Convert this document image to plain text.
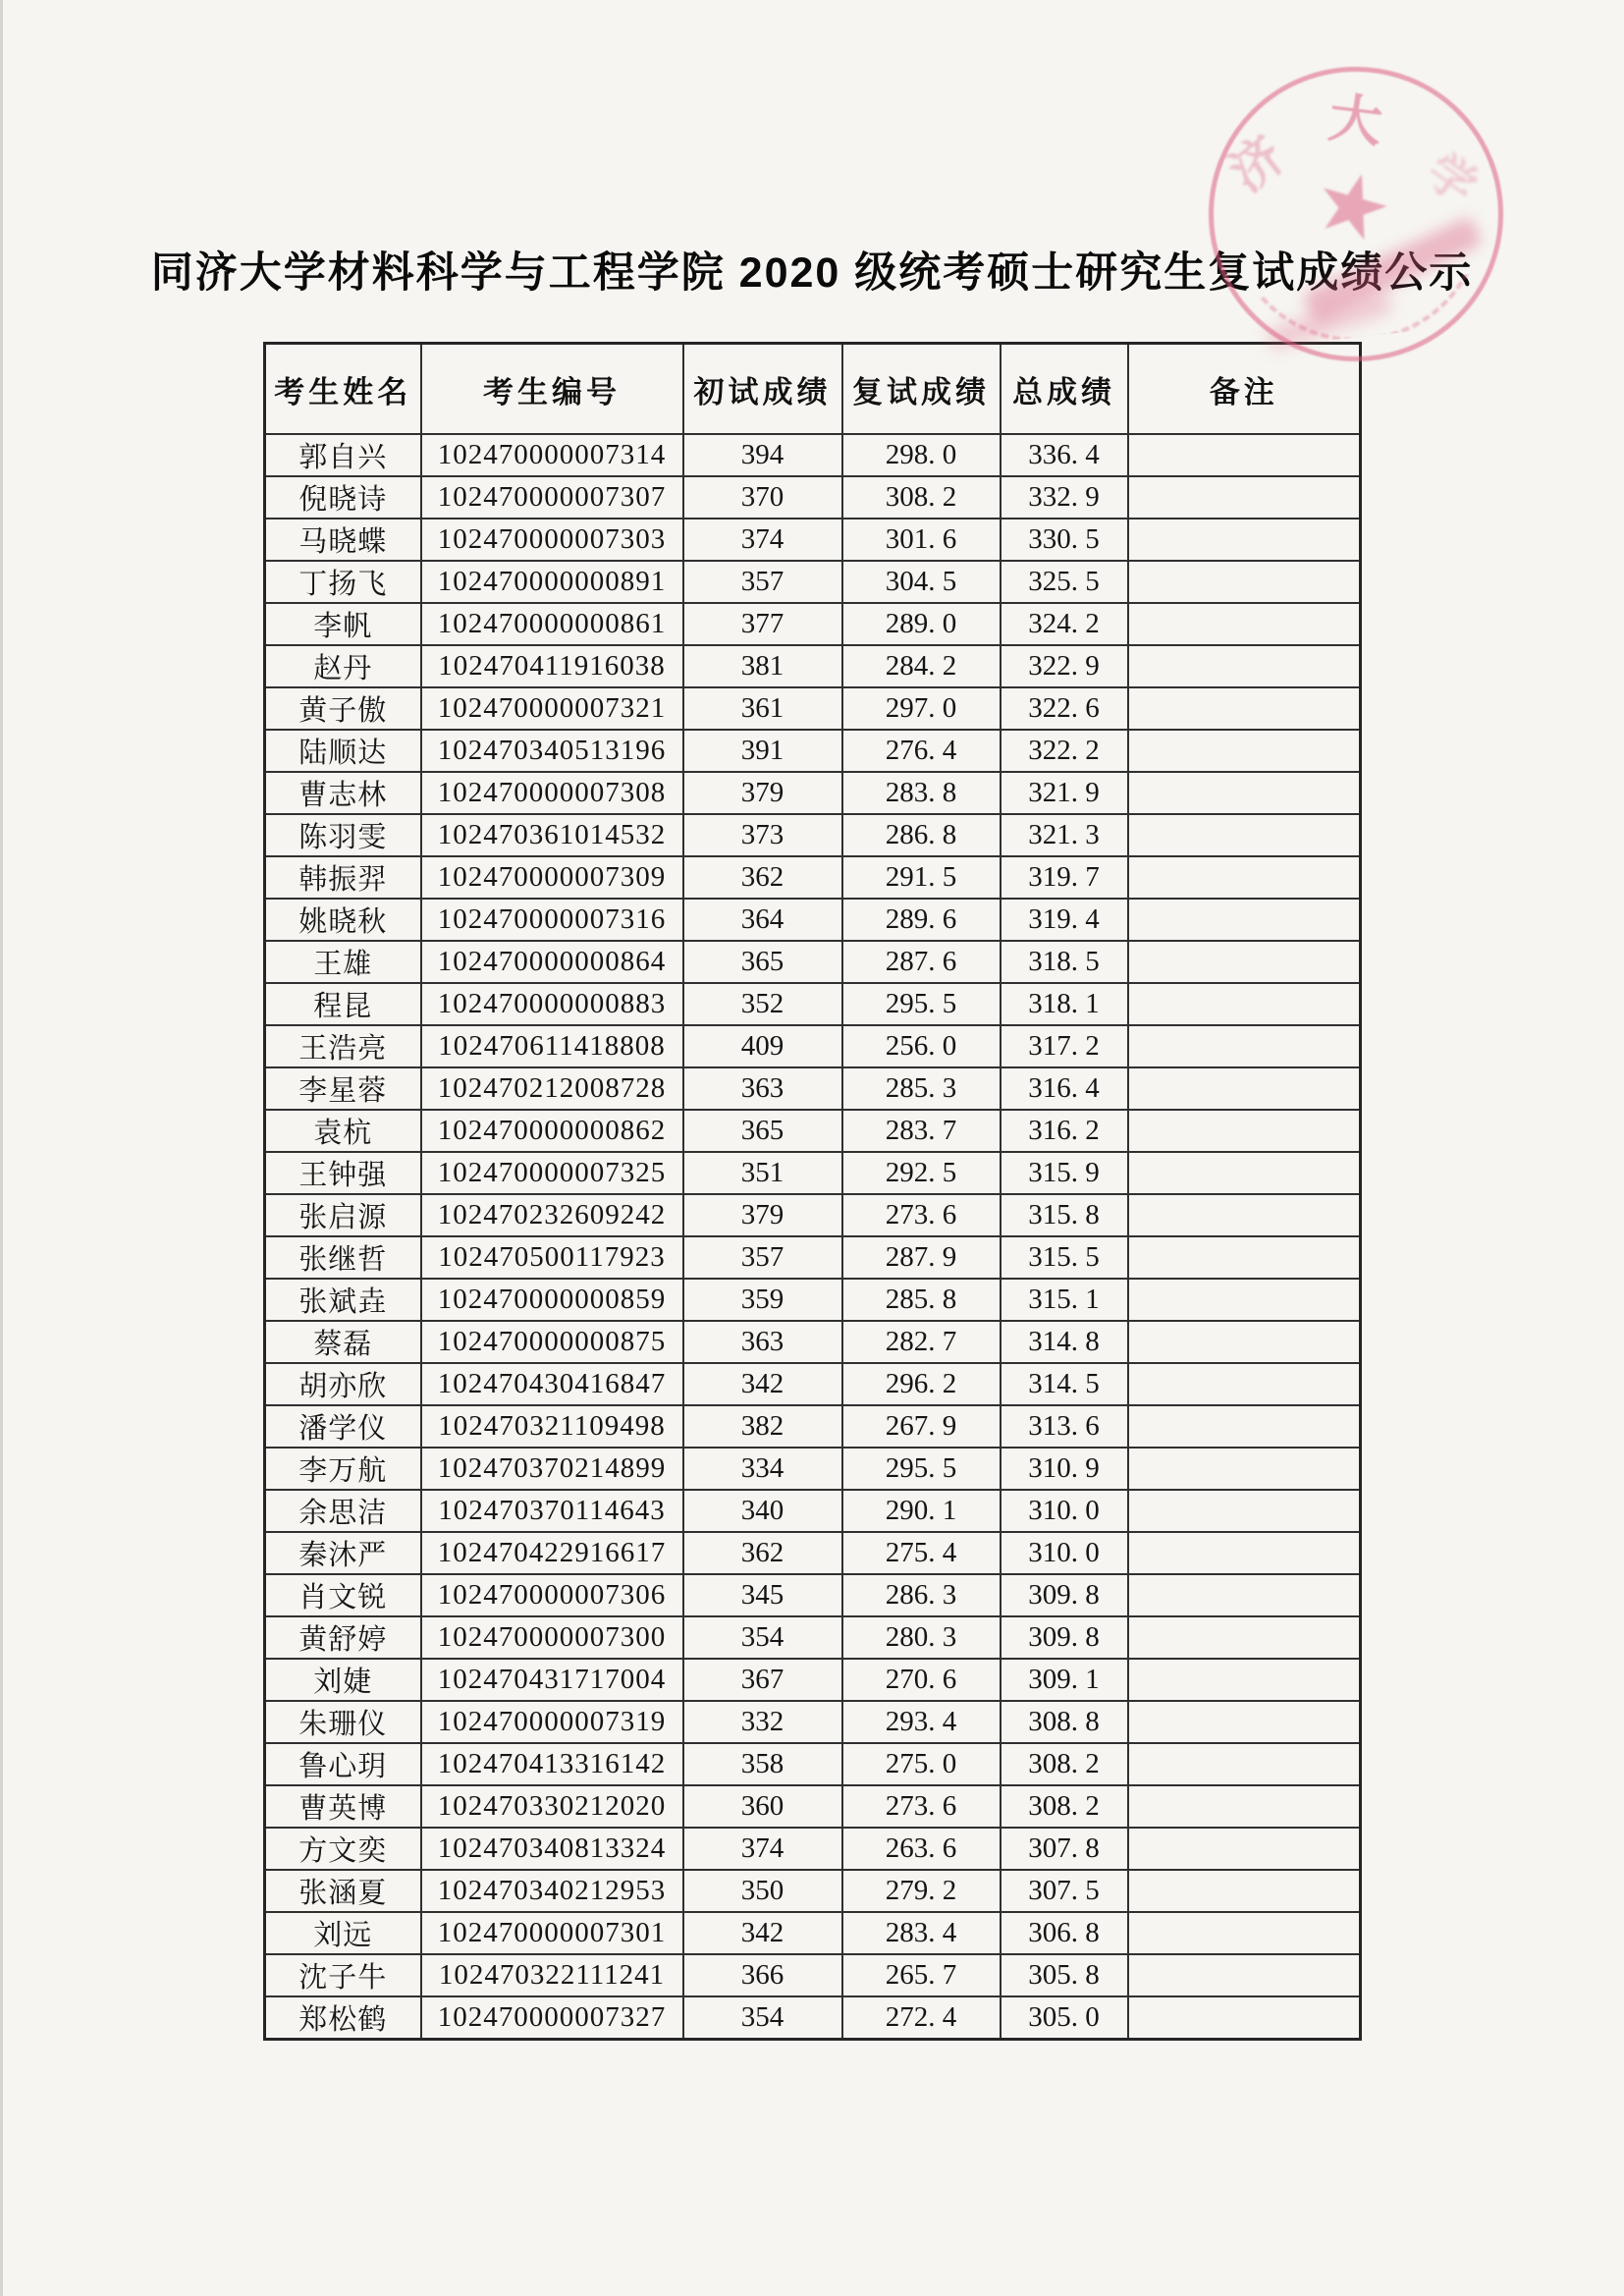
同济大学材料科学与工程学院 2020 级统考硕士研究生复试成绩公示
大
济	学
★
考生姓名	考生编号	初试成绩	复试成绩	总成绩	备注
郭自兴	102470000007314	394	298. 0	336. 4	
倪晓诗	102470000007307	370	308. 2	332. 9	
马晓蝶	102470000007303	374	301. 6	330. 5	
丁扬飞	102470000000891	357	304. 5	325. 5	
李帆	102470000000861	377	289. 0	324. 2	
赵丹	102470411916038	381	284. 2	322. 9	
黄子傲	102470000007321	361	297. 0	322. 6	
陆顺达	102470340513196	391	276. 4	322. 2	
曹志林	102470000007308	379	283. 8	321. 9	
陈羽雯	102470361014532	373	286. 8	321. 3	
韩振羿	102470000007309	362	291. 5	319. 7	
姚晓秋	102470000007316	364	289. 6	319. 4	
王雄	102470000000864	365	287. 6	318. 5	
程昆	102470000000883	352	295. 5	318. 1	
王浩亮	102470611418808	409	256. 0	317. 2	
李星蓉	102470212008728	363	285. 3	316. 4	
袁杭	102470000000862	365	283. 7	316. 2	
王钟强	102470000007325	351	292. 5	315. 9	
张启源	102470232609242	379	273. 6	315. 8	
张继哲	102470500117923	357	287. 9	315. 5	
张斌垚	102470000000859	359	285. 8	315. 1	
蔡磊	102470000000875	363	282. 7	314. 8	
胡亦欣	102470430416847	342	296. 2	314. 5	
潘学仪	102470321109498	382	267. 9	313. 6	
李万航	102470370214899	334	295. 5	310. 9	
余思洁	102470370114643	340	290. 1	310. 0	
秦沐严	102470422916617	362	275. 4	310. 0	
肖文锐	102470000007306	345	286. 3	309. 8	
黄舒婷	102470000007300	354	280. 3	309. 8	
刘婕	102470431717004	367	270. 6	309. 1	
朱珊仪	102470000007319	332	293. 4	308. 8	
鲁心玥	102470413316142	358	275. 0	308. 2	
曹英博	102470330212020	360	273. 6	308. 2	
方文奕	102470340813324	374	263. 6	307. 8	
张涵夏	102470340212953	350	279. 2	307. 5	
刘远	102470000007301	342	283. 4	306. 8	
沈子牛	102470322111241	366	265. 7	305. 8	
郑松鹤	102470000007327	354	272. 4	305. 0	
